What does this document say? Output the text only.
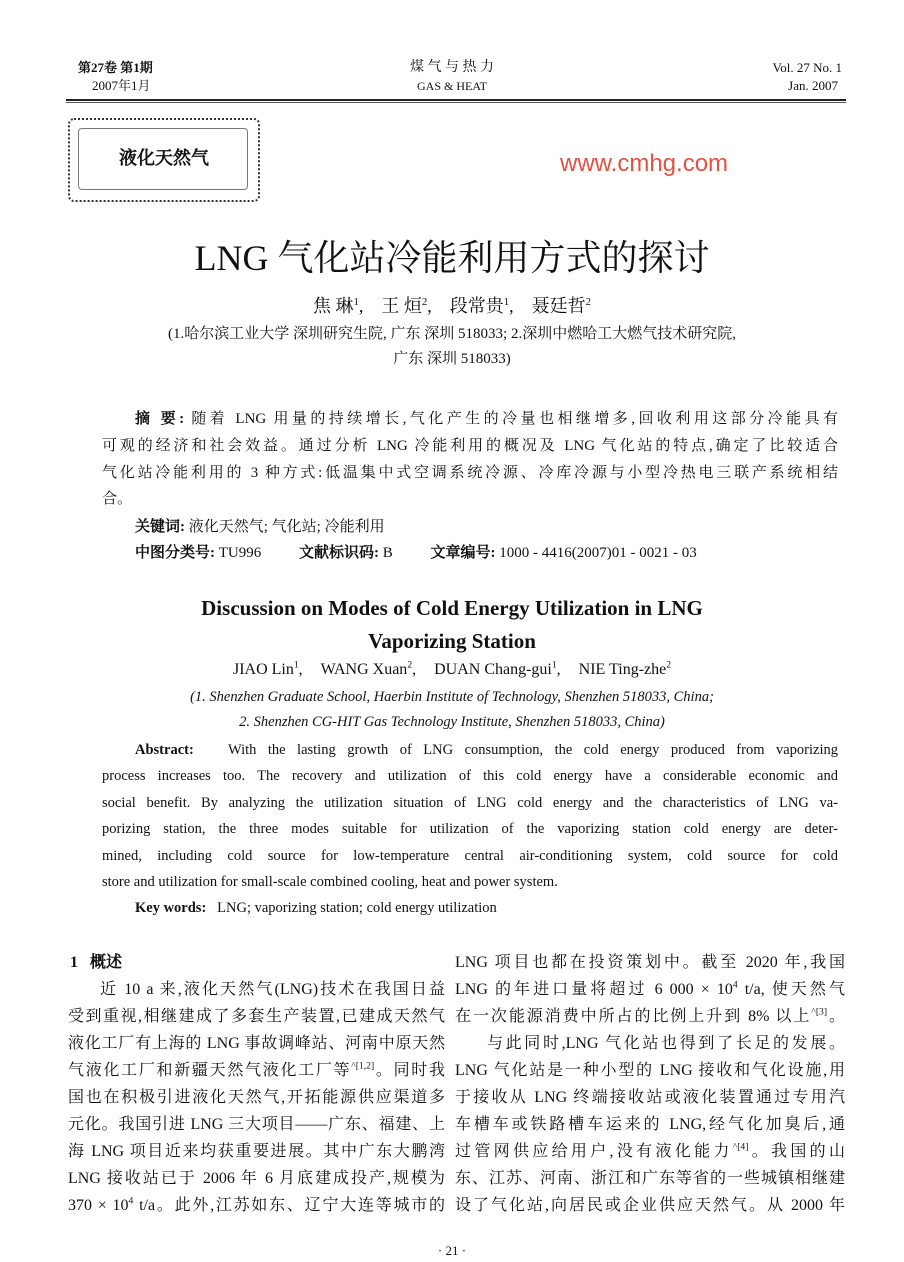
第27卷 第1期
2007年1月
煤 气 与 热 力
GAS & HEAT
Vol. 27 No. 1
Jan. 2007
液化天然气
LNG 气化站冷能利用方式的探讨
焦 琳$^1$, 王 烜$^2$, 段常贵$^1$, 聂廷哲$^2$
(1.哈尔滨工业大学 深圳研究生院, 广东 深圳 518033; 2.深圳中燃哈工大燃气技术研究院,
广东 深圳 518033)
摘 要: 随着 LNG 用量的持续增长,气化产生的冷量也相继增多,回收利用这部分冷能具有
可观的经济和社会效益。通过分析 LNG 冷能利用的概况及 LNG 气化站的特点,确定了比较适合
气化站冷能利用的 3 种方式:低温集中式空调系统冷源、冷库冷源与小型冷热电三联产系统相结
合。
关键词: 液化天然气; 气化站; 冷能利用
中图分类号: TU996	文献标识码: B	文章编号: 1000 - 4416(2007)01 - 0021 - 03
Discussion on Modes of Cold Energy Utilization in LNG
Vaporizing Station
JIAO Lin$^1$, WANG Xuan$^2$, DUAN Chang-gui$^1$, NIE Ting-zhe$^2$
(1. Shenzhen Graduate School, Haerbin Institute of Technology, Shenzhen 518033, China;
2. Shenzhen CG-HIT Gas Technology Institute, Shenzhen 518033, China)
Abstract: With the lasting growth of LNG consumption, the cold energy produced from vaporizing
process increases too. The recovery and utilization of this cold energy have a considerable economic and
social benefit. By analyzing the utilization situation of LNG cold energy and the characteristics of LNG va-
porizing station, the three modes suitable for utilization of the vaporizing station cold energy are deter-
mined, including cold source for low-temperature central air-conditioning system, cold source for cold
store and utilization for small-scale combined cooling, heat and power system.
Key words: LNG; vaporizing station; cold energy utilization
1 概述
近 10 a 来,液化天然气(LNG)技术在我国日益
受到重视,相继建成了多套生产装置,已建成天然气
液化工厂有上海的 LNG 事故调峰站、河南中原天然
气液化工厂和新疆天然气液化工厂等$^{\^{}[1,2]}$。同时我
国也在积极引进液化天然气,开拓能源供应渠道多
元化。我国引进 LNG 三大项目——广东、福建、上
海 LNG 项目近来均获重要进展。其中广东大鹏湾
LNG 接收站已于 2006 年 6 月底建成投产,规模为
$370 \times 10^4$ t/a。此外,江苏如东、辽宁大连等城市的
LNG 项目也都在投资策划中。截至 2020 年,我国
LNG 的年进口量将超过 6 $000 \times 10^4$ t/a, 使天然气
在一次能源消费中所占的比例上升到 8% 以上$^{\^{}[3]}$。
与此同时,LNG 气化站也得到了长足的发展。
LNG 气化站是一种小型的 LNG 接收和气化设施,用
于接收从 LNG 终端接收站或液化装置通过专用汽
车槽车或铁路槽车运来的 LNG,经气化加臭后,通
过管网供应给用户,没有液化能力$^{\^{}[4]}$。我国的山
东、江苏、河南、浙江和广东等省的一些城镇相继建
设了气化站,向居民或企业供应天然气。从 2000 年
· 21 ·
www.cmhg.com
